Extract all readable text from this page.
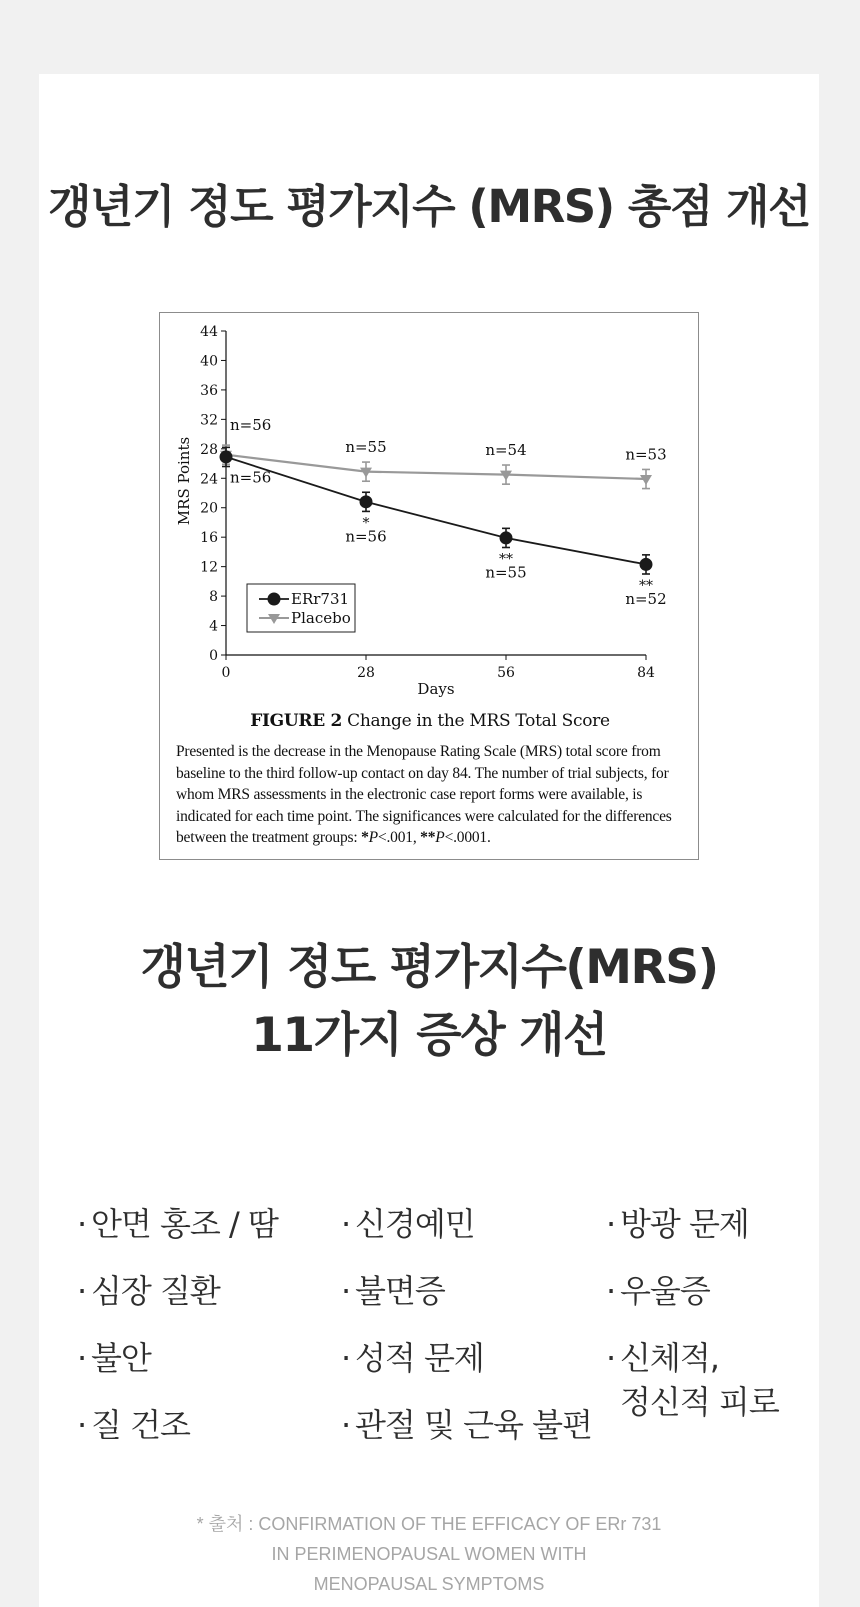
갱년기 정도 평가지수 (MRS) 총점 개선
0
4
8
12
16
20
24
28
32
36
40
44
0	28	56	84
Days
MRS Points
n=56
n=55	n=54	n=53
n=56
*
n=56
**
n=55
**
n=52
ERr731
Placebo
FIGURE 2 Change in the MRS Total Score

Presented is the decrease in the Menopause Rating Scale (MRS) total score from baseline to the third follow-up contact on day 84. The number of trial subjects, for whom MRS assessments in the electronic case report forms were available, is indicated for each time point. The significances were calculated for the differences between the treatment groups: *P<.001, **P<.0001.

갱년기 정도 평가지수(MRS)
11가지 증상 개선
· 안면 홍조 / 땀
· 심장 질환
· 불안
· 질 건조
· 신경예민
· 불면증
· 성적 문제
· 관절 및 근육 불편
· 방광 문제
· 우울증
· 신체적,
정신적 피로
* 출처 : CONFIRMATION OF THE EFFICACY OF ERr 731
IN PERIMENOPAUSAL WOMEN WITH
MENOPAUSAL SYMPTOMS
